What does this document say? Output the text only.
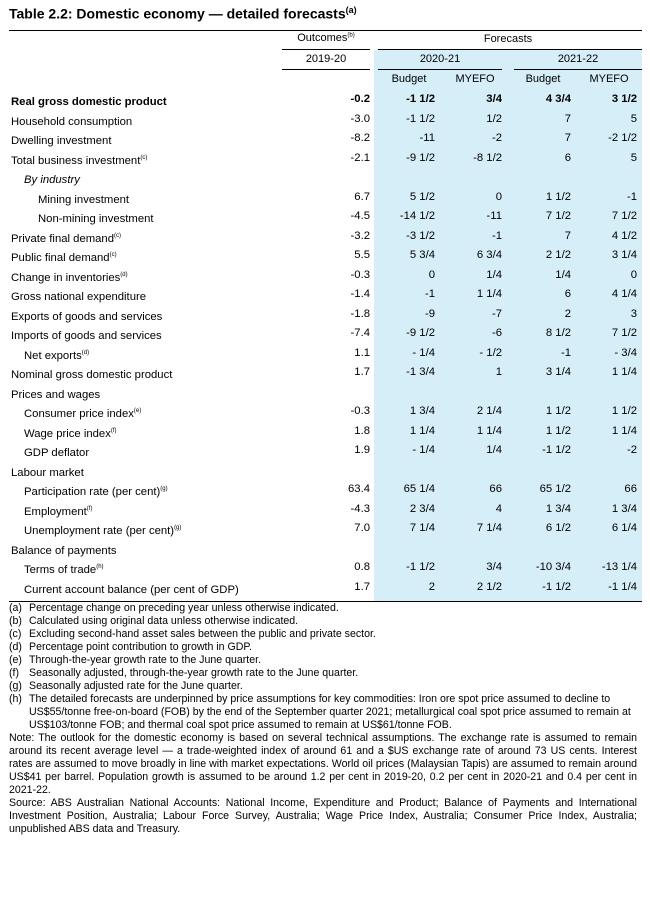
Table 2.2: Domestic economy — detailed forecasts$^{(a)}$
Outcomes$^{(b)}$	Forecasts
2019-20	2020-21	2021-22
Budget	MYEFO	Budget	MYEFO
Real gross domestic product	-0.2	-1 1/2	3/4	4 3/4	3 1/2
Household consumption	-3.0	-1 1/2	1/2	7	5
Dwelling investment	-8.2	-11	-2	7	-2 1/2
Total business investment$^{(c)}$	-2.1	-9 1/2	-8 1/2	6	5
By industry
Mining investment	6.7	5 1/2	0	1 1/2	-1
Non-mining investment	-4.5	-14 1/2	-11	7 1/2	7 1/2
Private final demand$^{(c)}$	-3.2	-3 1/2	-1	7	4 1/2
Public final demand$^{(c)}$	5.5	5 3/4	6 3/4	2 1/2	3 1/4
Change in inventories$^{(d)}$	-0.3	0	1/4	1/4	0
Gross national expenditure	-1.4	-1	1 1/4	6	4 1/4
Exports of goods and services	-1.8	-9	-7	2	3
Imports of goods and services	-7.4	-9 1/2	-6	8 1/2	7 1/2
Net exports$^{(d)}$	1.1	- 1/4	- 1/2	-1	- 3/4
Nominal gross domestic product	1.7	-1 3/4	1	3 1/4	1 1/4
Prices and wages
Consumer price index$^{(e)}$	-0.3	1 3/4	2 1/4	1 1/2	1 1/2
Wage price index$^{(f)}$	1.8	1 1/4	1 1/4	1 1/2	1 1/4
GDP deflator	1.9	- 1/4	1/4	-1 1/2	-2
Labour market
Participation rate (per cent)$^{(g)}$	63.4	65 1/4	66	65 1/2	66
Employment$^{(f)}$	-4.3	2 3/4	4	1 3/4	1 3/4
Unemployment rate (per cent)$^{(g)}$	7.0	7 1/4	7 1/4	6 1/2	6 1/4
Balance of payments
Terms of trade$^{(h)}$	0.8	-1 1/2	3/4	-10 3/4	-13 1/4
Current account balance (per cent of GDP)	1.7	2	2 1/2	-1 1/2	-1 1/4
(a) Percentage change on preceding year unless otherwise indicated.
(b) Calculated using original data unless otherwise indicated.
(c) Excluding second-hand asset sales between the public and private sector.
(d) Percentage point contribution to growth in GDP.
(e) Through-the-year growth rate to the June quarter.
(f) Seasonally adjusted, through-the-year growth rate to the June quarter.
(g) Seasonally adjusted rate for the June quarter.
(h) The detailed forecasts are underpinned by price assumptions for key commodities: Iron ore spot price assumed to decline to US$55/tonne free-on-board (FOB) by the end of the September quarter 2021; metallurgical coal spot price assumed to remain at US$103/tonne FOB; and thermal coal spot price assumed to remain at US$61/tonne FOB.
Note: The outlook for the domestic economy is based on several technical assumptions. The exchange rate is assumed to remain around its recent average level — a trade-weighted index of around 61 and a $US exchange rate of around 73 US cents. Interest rates are assumed to move broadly in line with market expectations. World oil prices (Malaysian Tapis) are assumed to remain around US$41 per barrel. Population growth is assumed to be around 1.2 per cent in 2019-20, 0.2 per cent in 2020-21 and 0.4 per cent in 2021-22.
Source: ABS Australian National Accounts: National Income, Expenditure and Product; Balance of Payments and International Investment Position, Australia; Labour Force Survey, Australia; Wage Price Index, Australia; Consumer Price Index, Australia; unpublished ABS data and Treasury.
